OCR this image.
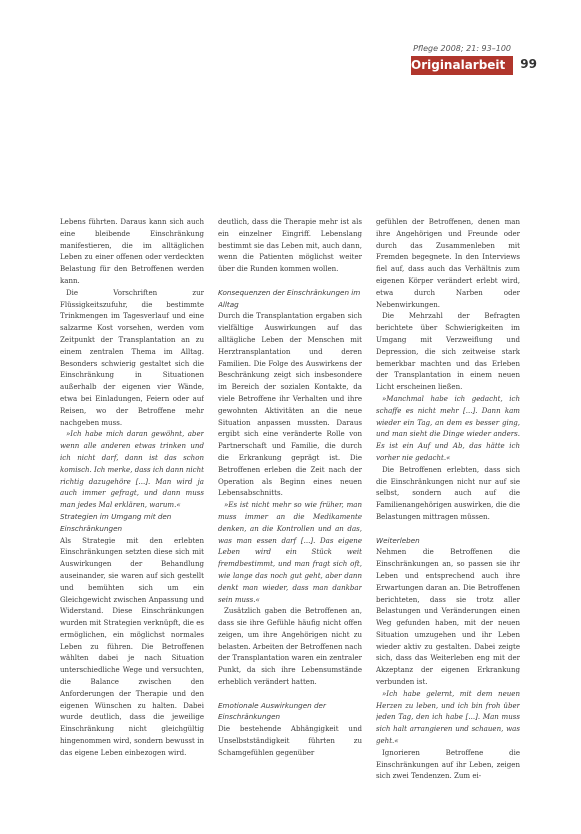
Pflege 2008; 21: 93–100
Originalarbeit	99

Lebens führten. Daraus kann sich auch eine bleibende Einschränkung manifestieren, die im alltäglichen Leben zu einer offenen oder verdeckten Belastung für den Betroffenen werden kann.

Die Vorschriften zur Flüssigkeitszufuhr, die bestimmte Trinkmengen im Tagesverlauf und eine salzarme Kost vorsehen, werden vom Zeitpunkt der Transplantation an zu einem zentralen Thema im Alltag. Besonders schwierig gestaltet sich die Einschränkung in Situationen außerhalb der eigenen vier Wände, etwa bei Einladungen, Feiern oder auf Reisen, wo der Betroffene mehr nachgeben muss.

»Ich habe mich daran gewöhnt, aber wenn alle anderen etwas trinken und ich nicht darf, dann ist das schon komisch. Ich merke, dass ich dann nicht richtig dazugehöre [...]. Man wird ja auch immer gefragt, und dann muss man jedes Mal erklären, warum.«

Strategien im Umgang mit den Einschränkungen

Als Strategie mit den erlebten Einschränkungen setzten diese sich mit Auswirkungen der Behandlung auseinander, sie waren auf sich gestellt und bemühten sich um ein Gleichgewicht zwischen Anpassung und Widerstand. Diese Einschränkungen wurden mit Strategien verknüpft, die es ermöglichen, ein möglichst normales Leben zu führen. Die Betroffenen wählten dabei je nach Situation unterschiedliche Wege und versuchten, die Balance zwischen den Anforderungen der Therapie und den eigenen Wünschen zu halten. Dabei wurde deutlich, dass die jeweilige Einschränkung nicht gleichgültig hingenommen wird, sondern bewusst in das eigene Leben einbezogen wird.

deutlich, dass die Therapie mehr ist als ein einzelner Eingriff. Lebenslang bestimmt sie das Leben mit, auch dann, wenn die Patienten möglichst weiter über die Runden kommen wollen.

Konsequenzen der Einschränkungen im Alltag

Durch die Transplantation ergaben sich vielfältige Auswirkungen auf das alltägliche Leben der Menschen mit Herztransplantation und deren Familien. Die Folge des Auswirkens der Beschränkung zeigt sich insbesondere im Bereich der sozialen Kontakte, da viele Betroffene ihr Verhalten und ihre gewohnten Aktivitäten an die neue Situation anpassen mussten. Daraus ergibt sich eine veränderte Rolle von Partnerschaft und Familie, die durch die Erkrankung geprägt ist. Die Betroffenen erleben die Zeit nach der Operation als Beginn eines neuen Lebensabschnitts.

»Es ist nicht mehr so wie früher, man muss immer an die Medikamente denken, an die Kontrollen und an das, was man essen darf [...]. Das eigene Leben wird ein Stück weit fremdbestimmt, und man fragt sich oft, wie lange das noch gut geht, aber dann denkt man wieder, dass man dankbar sein muss.«

Zusätzlich gaben die Betroffenen an, dass sie ihre Gefühle häufig nicht offen zeigen, um ihre Angehörigen nicht zu belasten. Arbeiten der Betroffenen nach der Transplantation waren ein zentraler Punkt, da sich ihre Lebensumstände erheblich verändert hatten.

Emotionale Auswirkungen der Einschränkungen

Die bestehende Abhängigkeit und Unselbstständigkeit führten zu Schamgefühlen gegenüber

gefühlen der Betroffenen, denen man ihre Angehörigen und Freunde oder durch das Zusammenleben mit Fremden begegnete. In den Interviews fiel auf, dass auch das Verhältnis zum eigenen Körper verändert erlebt wird, etwa durch Narben oder Nebenwirkungen.

Die Mehrzahl der Befragten berichtete über Schwierigkeiten im Umgang mit Verzweiflung und Depression, die sich zeitweise stark bemerkbar machten und das Erleben der Transplantation in einem neuen Licht erscheinen ließen.

»Manchmal habe ich gedacht, ich schaffe es nicht mehr [...]. Dann kam wieder ein Tag, an dem es besser ging, und man sieht die Dinge wieder anders. Es ist ein Auf und Ab, das hätte ich vorher nie gedacht.«

Die Betroffenen erlebten, dass sich die Einschränkungen nicht nur auf sie selbst, sondern auch auf die Familienangehörigen auswirken, die die Belastungen mittragen müssen.

Weiterleben

Nehmen die Betroffenen die Einschränkungen an, so passen sie ihr Leben und entsprechend auch ihre Erwartungen daran an. Die Betroffenen berichteten, dass sie trotz aller Belastungen und Veränderungen einen Weg gefunden haben, mit der neuen Situation umzugehen und ihr Leben wieder aktiv zu gestalten. Dabei zeigte sich, dass das Weiterleben eng mit der Akzeptanz der eigenen Erkrankung verbunden ist.

»Ich habe gelernt, mit dem neuen Herzen zu leben, und ich bin froh über jeden Tag, den ich habe [...]. Man muss sich halt arrangieren und schauen, was geht.«

Ignorieren Betroffene die Einschränkungen auf ihr Leben, zeigen sich zwei Tendenzen. Zum ei-
